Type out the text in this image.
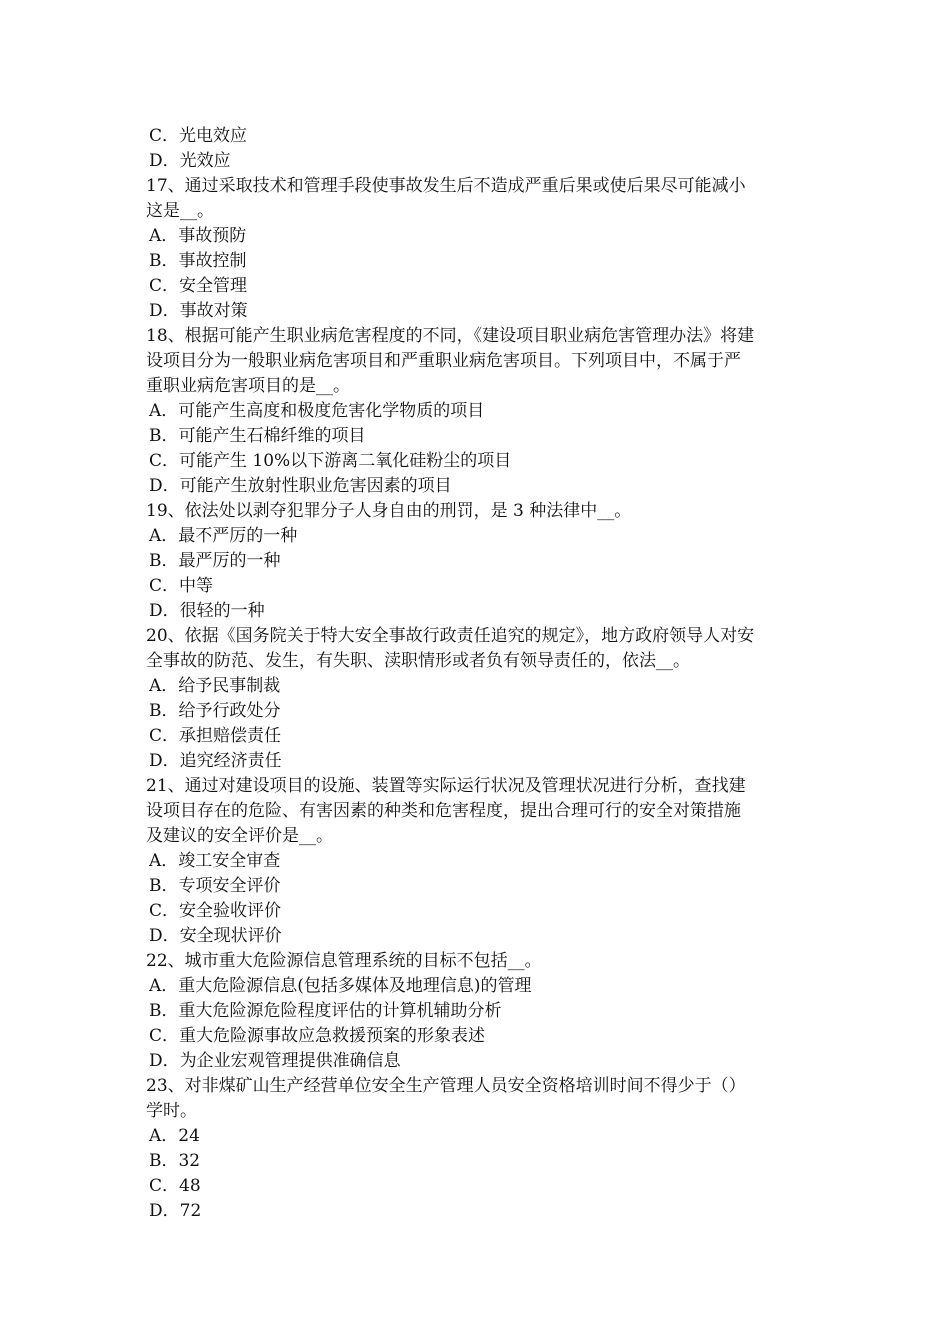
C．光电效应
D．光效应
17、通过采取技术和管理手段使事故发生后不造成严重后果或使后果尽可能减小
这是__。
A．事故预防
B．事故控制
C．安全管理
D．事故对策
18、根据可能产生职业病危害程度的不同，《建设项目职业病危害管理办法》将建
设项目分为一般职业病危害项目和严重职业病危害项目。下列项目中，不属于严
重职业病危害项目的是__。
A．可能产生高度和极度危害化学物质的项目
B．可能产生石棉纤维的项目
C．可能产生 10%以下游离二氧化硅粉尘的项目
D．可能产生放射性职业危害因素的项目
19、依法处以剥夺犯罪分子人身自由的刑罚，是 3 种法律中__。
A．最不严厉的一种
B．最严厉的一种
C．中等
D．很轻的一种
20、依据《国务院关于特大安全事故行政责任追究的规定》，地方政府领导人对安
全事故的防范、发生，有失职、渎职情形或者负有领导责任的，依法__。
A．给予民事制裁
B．给予行政处分
C．承担赔偿责任
D．追究经济责任
21、通过对建设项目的设施、装置等实际运行状况及管理状况进行分析，查找建
设项目存在的危险、有害因素的种类和危害程度，提出合理可行的安全对策措施
及建议的安全评价是__。
A．竣工安全审查
B．专项安全评价
C．安全验收评价
D．安全现状评价
22、城市重大危险源信息管理系统的目标不包括__。
A．重大危险源信息(包括多媒体及地理信息)的管理
B．重大危险源危险程度评估的计算机辅助分析
C．重大危险源事故应急救援预案的形象表述
D．为企业宏观管理提供准确信息
23、对非煤矿山生产经营单位安全生产管理人员安全资格培训时间不得少于（）
学时。
A．24
B．32
C．48
D．72
